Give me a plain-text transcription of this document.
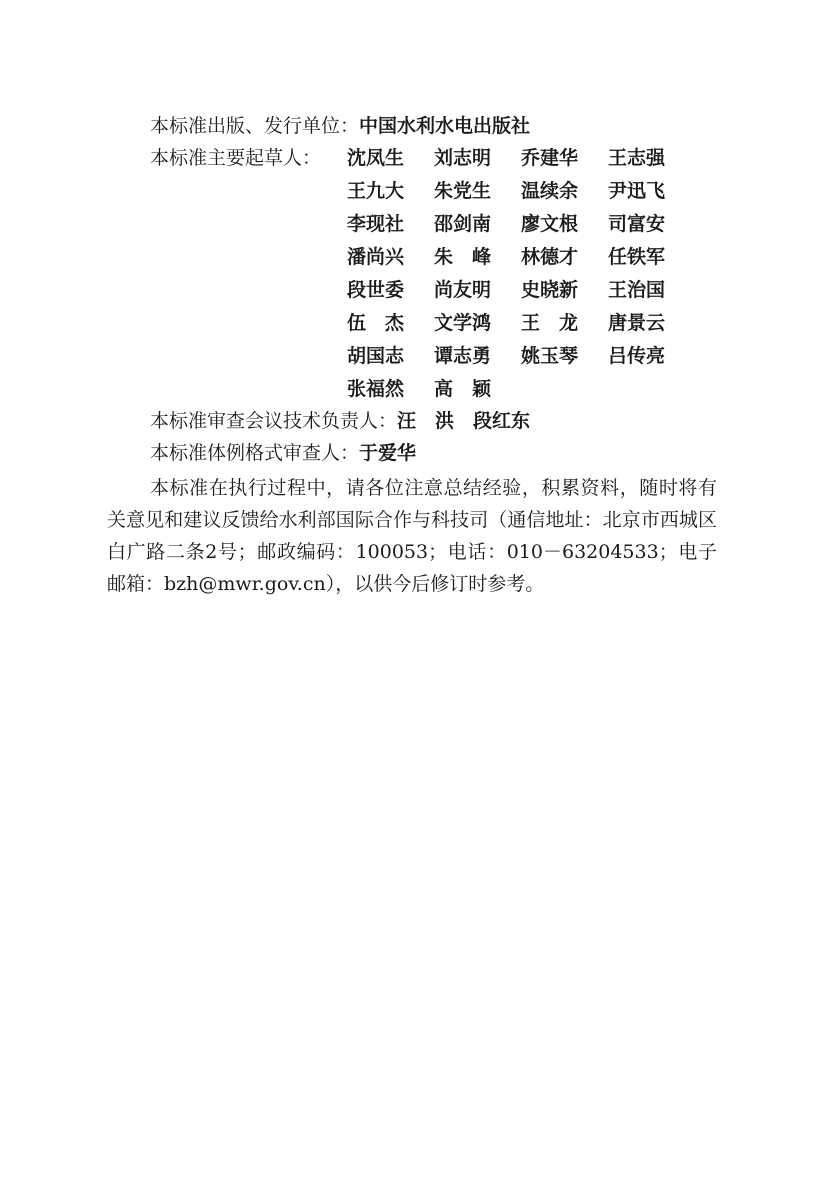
本标准出版、发行单位：中国水利水电出版社
本标准主要起草人： 沈凤生 刘志明 乔建华 王志强
王九大 朱党生 温续余 尹迅飞
李现社 邵剑南 廖文根 司富安
潘尚兴 朱　峰 林德才 任铁军
段世委 尚友明 史晓新 王治国
伍　杰 文学鸿 王　龙 唐景云
胡国志 谭志勇 姚玉琴 吕传亮
张福然 高　颖
本标准审查会议技术负责人：汪　洪　段红东
本标准体例格式审查人：于爱华

本标准在执行过程中，请各位注意总结经验，积累资料，随时将有关意见和建议反馈给水利部国际合作与科技司（通信地址：北京市西城区白广路二条2号；邮政编码：100053；电话：010－63204533；电子邮箱：bzh@mwr.gov.cn），以供今后修订时参考。
